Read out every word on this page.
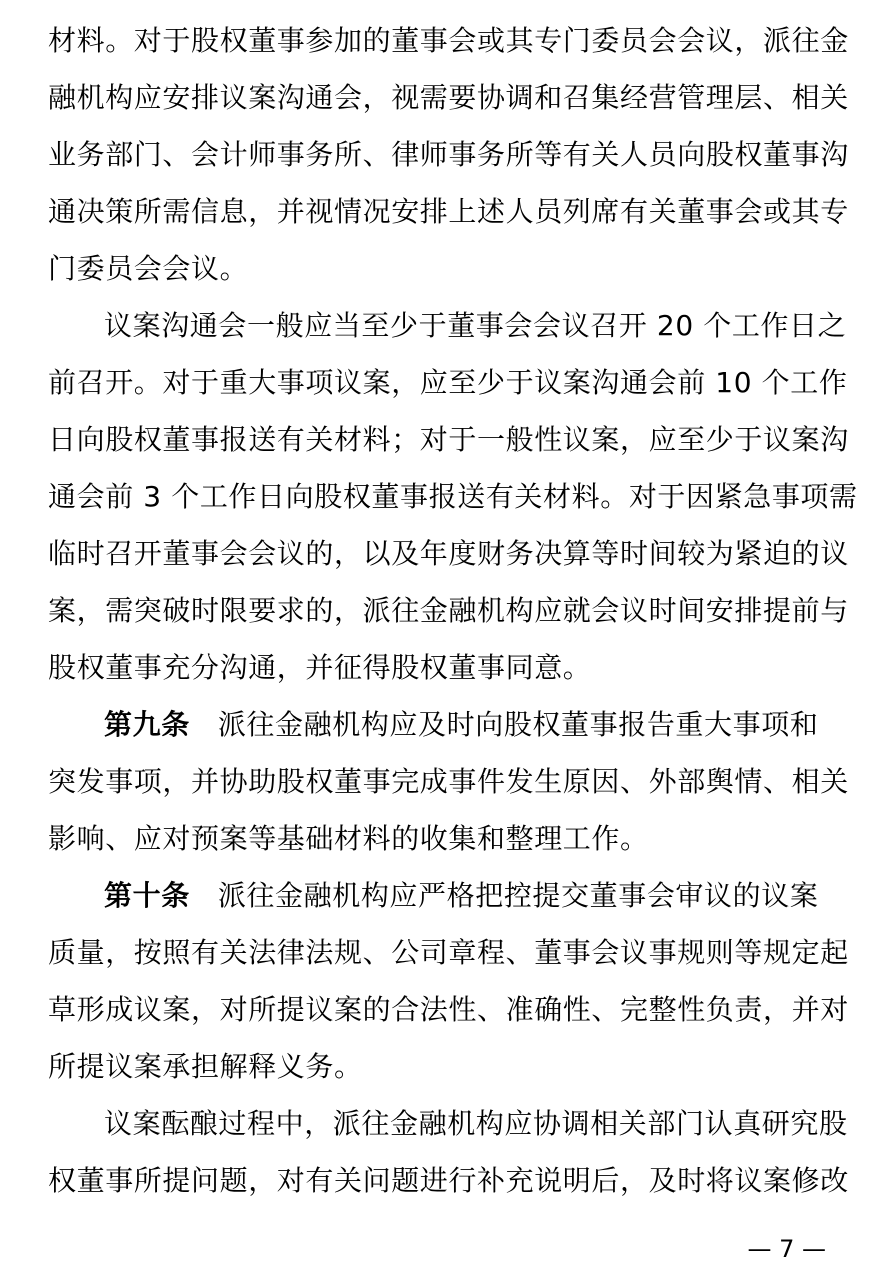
材料。对于股权董事参加的董事会或其专门委员会会议，派往金
融机构应安排议案沟通会，视需要协调和召集经营管理层、相关
业务部门、会计师事务所、律师事务所等有关人员向股权董事沟
通决策所需信息，并视情况安排上述人员列席有关董事会或其专
门委员会会议。
议案沟通会一般应当至少于董事会会议召开 20 个工作日之
前召开。对于重大事项议案，应至少于议案沟通会前 10 个工作
日向股权董事报送有关材料；对于一般性议案，应至少于议案沟
通会前 3 个工作日向股权董事报送有关材料。对于因紧急事项需
临时召开董事会会议的，以及年度财务决算等时间较为紧迫的议
案，需突破时限要求的，派往金融机构应就会议时间安排提前与
股权董事充分沟通，并征得股权董事同意。
第九条 派往金融机构应及时向股权董事报告重大事项和
突发事项，并协助股权董事完成事件发生原因、外部舆情、相关
影响、应对预案等基础材料的收集和整理工作。
第十条 派往金融机构应严格把控提交董事会审议的议案
质量，按照有关法律法规、公司章程、董事会议事规则等规定起
草形成议案，对所提议案的合法性、准确性、完整性负责，并对
所提议案承担解释义务。
议案酝酿过程中，派往金融机构应协调相关部门认真研究股
权董事所提问题，对有关问题进行补充说明后，及时将议案修改
— 7 —
